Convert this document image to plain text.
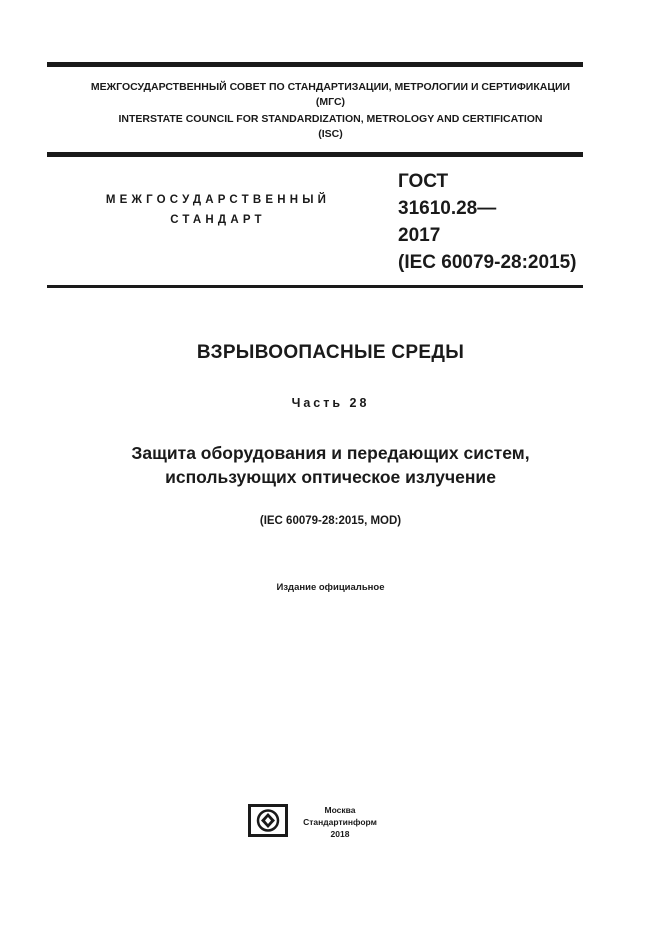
МЕЖГОСУДАРСТВЕННЫЙ СОВЕТ ПО СТАНДАРТИЗАЦИИ, МЕТРОЛОГИИ И СЕРТИФИКАЦИИ
(МГС)
INTERSTATE COUNCIL FOR STANDARDIZATION, METROLOGY AND CERTIFICATION
(ISC)
МЕЖГОСУДАРСТВЕННЫЙ
СТАНДАРТ
ГОСТ
31610.28—
2017
(IEC 60079-28:2015)
ВЗРЫВООПАСНЫЕ СРЕДЫ
Часть 28
Защита оборудования и передающих систем,
использующих оптическое излучение
(IEC 60079-28:2015, MOD)
Издание официальное
Москва
Стандартинформ
2018
